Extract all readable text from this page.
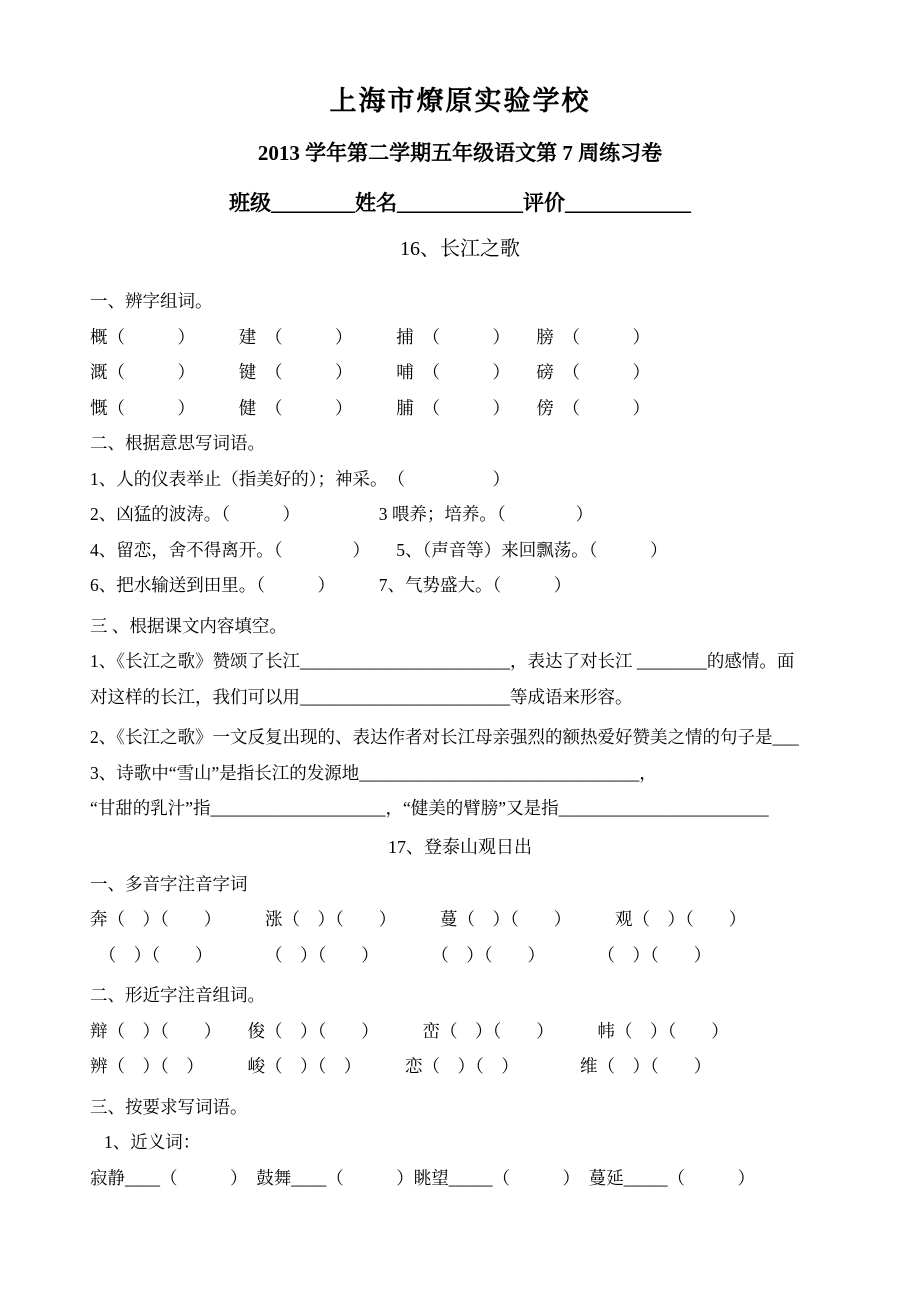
上海市燎原实验学校
2013 学年第二学期五年级语文第 7 周练习卷
班级________姓名____________评价____________
16、长江之歌
一、辨字组词。
概（　　　）　　　建　（　　　）　　　捕　（　　　）　　膀　（　　　）
溉（　　　）　　　键　（　　　）　　　哺　（　　　）　　磅　（　　　）
慨（　　　）　　　健　（　　　）　　　脯　（　　　）　　傍　（　　　）
二、根据意思写词语。
1、人的仪表举止（指美好的）；神采。　（　　　　　）
2、凶猛的波涛。（　　　）　　　　　3 喂养；培养。（　　　　）
4、留恋，舍不得离开。（　　　　）　　5、（声音等）来回飘荡。（　　　）
6、把水输送到田里。（　　　）　　　7、气势盛大。（　　　）
三 、根据课文内容填空。
1、《长江之歌》赞颂了长江________________________，表达了对长江 ________的感情。面
对这样的长江，我们可以用________________________等成语来形容。
2、《长江之歌》一文反复出现的、表达作者对长江母亲强烈的额热爱好赞美之情的句子是___
3、诗歌中“雪山”是指长江的发源地________________________________，
“甘甜的乳汁”指____________________，“健美的臂膀”又是指________________________
17、登泰山观日出
一、多音字注音字词
奔（　）（　　）　　　涨（　）（　　）　　　蔓（　）（　　）　　　观（　）（　　）
　（　）（　　）　　　　（　）（　　）　　　　（　）（　　）　　　　（　）（　　）
二、形近字注音组词。
辩（　）（　　）　　俊（　）（　　）　　　峦（　）（　　）　　　帏（　）（　　）
辨（　）（　）　　　峻（　）（　）　　　恋（　）（　）　　　　维（　）（　　）
三、按要求写词语。
1、近义词：
寂静____（　　　）　鼓舞____（　　　）眺望_____（　　　）　蔓延_____（　　　）
